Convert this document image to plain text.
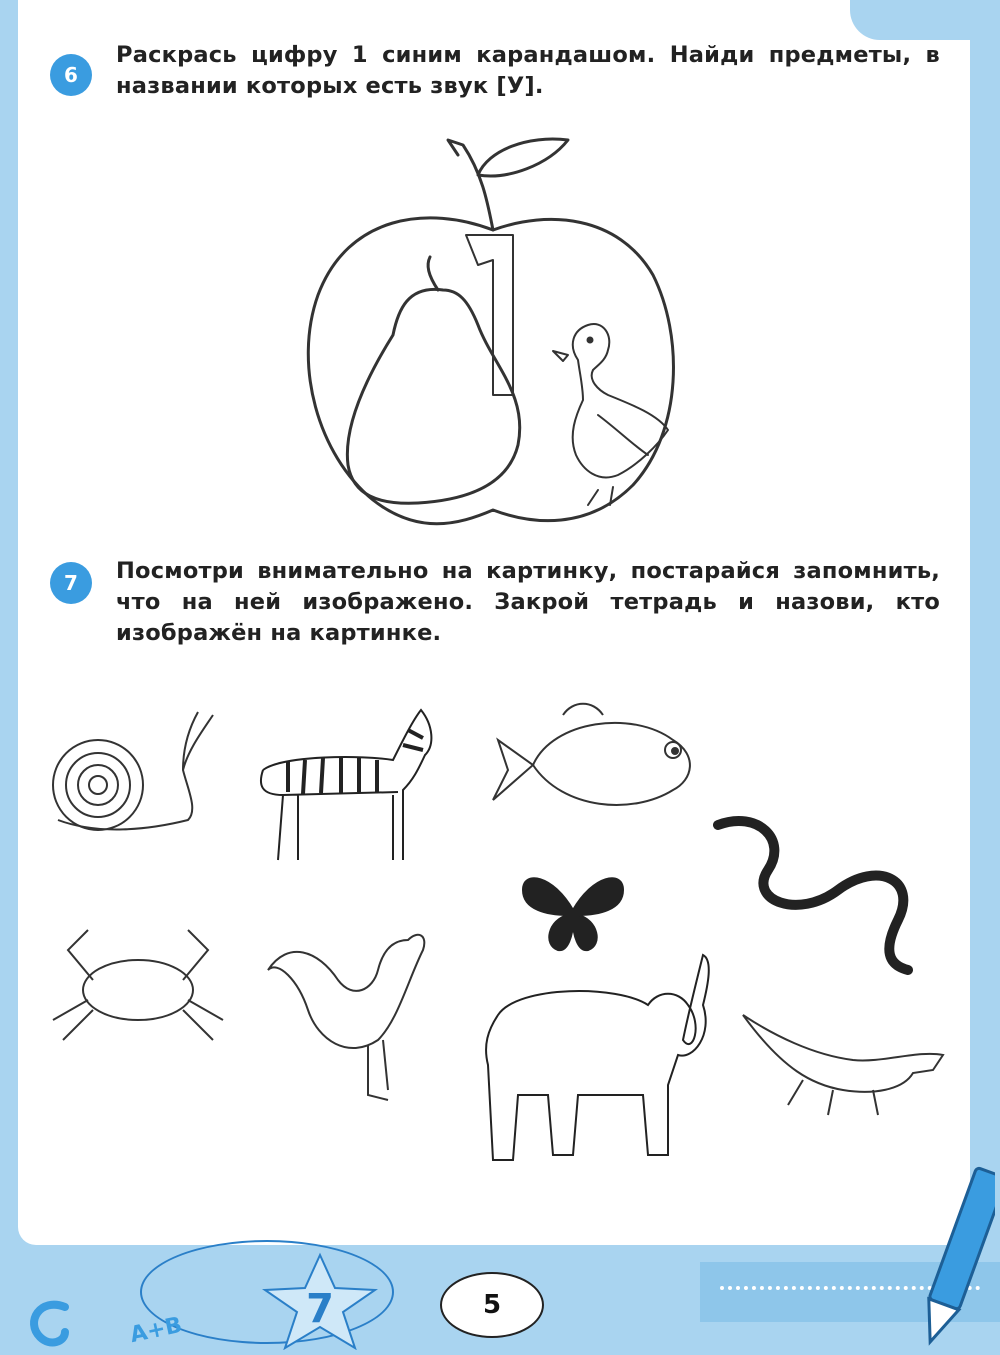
6
Раскрась цифру 1 синим карандашом. Найди предметы, в названии которых есть звук [У].
7	Посмотри внимательно на картинку, постарайся запомнить, что на ней изображено. Закрой тетрадь и назови, кто изображён на картинке.
7
А+В
5
